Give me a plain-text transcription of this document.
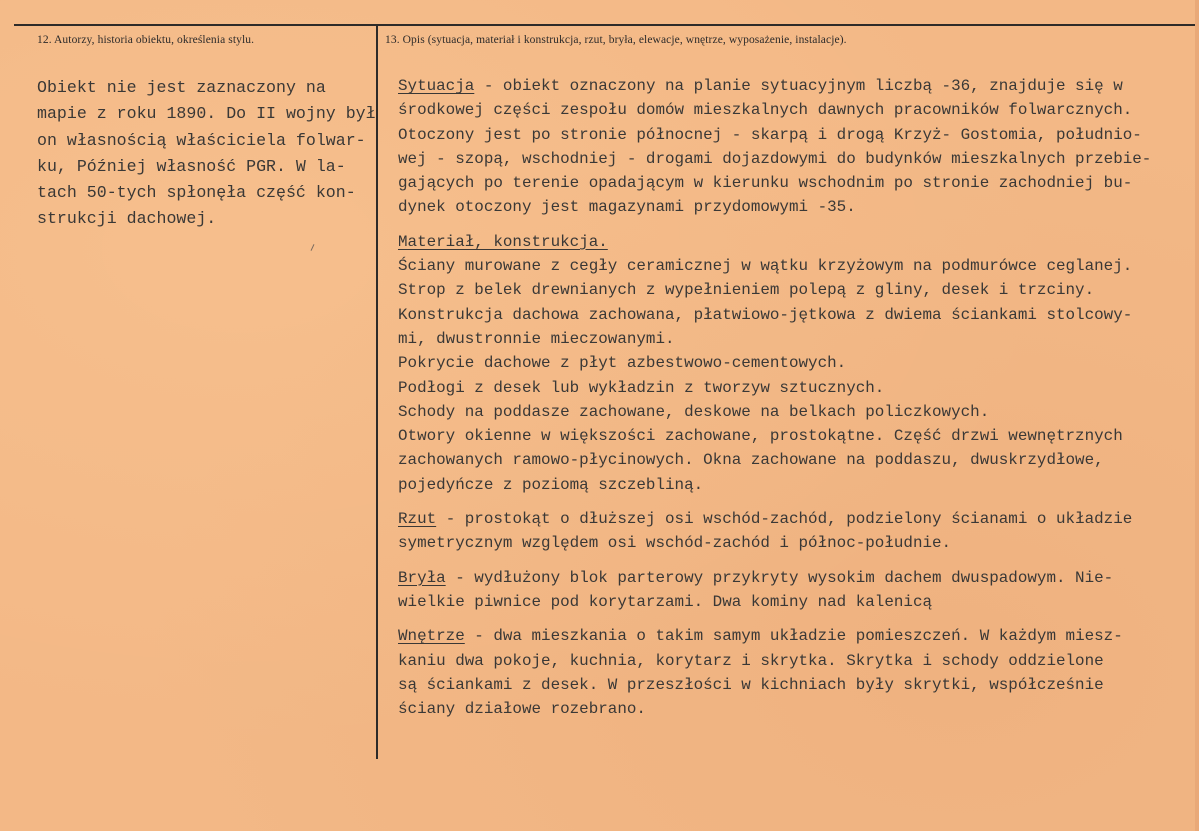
12. Autorzy, historia obiektu, określenia stylu.	13. Opis (sytuacja, materiał i konstrukcja, rzut, bryła, elewacje, wnętrze, wyposażenie, instalacje).
Obiekt nie jest zaznaczony na
mapie z roku 1890. Do II wojny był
on własnością właściciela folwar-
ku, Później własność PGR. W la-
tach 50-tych spłonęła część kon-
strukcji dachowej.
Sytuacja - obiekt oznaczony na planie sytuacyjnym liczbą -36, znajduje się w
środkowej części zespołu domów mieszkalnych dawnych pracowników folwarcznych.
Otoczony jest po stronie północnej - skarpą i drogą Krzyż- Gostomia, południo-
wej - szopą, wschodniej - drogami dojazdowymi do budynków mieszkalnych przebie-
gających po terenie opadającym w kierunku wschodnim po stronie zachodniej bu-
dynek otoczony jest magazynami przydomowymi -35.
Materiał, konstrukcja.
Ściany murowane z cegły ceramicznej w wątku krzyżowym na podmurówce ceglanej.
Strop z belek drewnianych z wypełnieniem polepą z gliny, desek i trzciny.
Konstrukcja dachowa zachowana, płatwiowo-jętkowa z dwiema ściankami stolcowy-
mi, dwustronnie mieczowanymi.
Pokrycie dachowe z płyt azbestwowo-cementowych.
Podłogi z desek lub wykładzin z tworzyw sztucznych.
Schody na poddasze zachowane, deskowe na belkach policzkowych.
Otwory okienne w większości zachowane, prostokątne. Część drzwi wewnętrznych
zachowanych ramowo-płycinowych. Okna zachowane na poddaszu, dwuskrzydłowe,
pojedyńcze z poziomą szczebliną.
Rzut - prostokąt o dłuższej osi wschód-zachód, podzielony ścianami o układzie
symetrycznym względem osi wschód-zachód i północ-południe.
Bryła - wydłużony blok parterowy przykryty wysokim dachem dwuspadowym. Nie-
wielkie piwnice pod korytarzami. Dwa kominy nad kalenicą
Wnętrze - dwa mieszkania o takim samym układzie pomieszczeń. W każdym miesz-
kaniu dwa pokoje, kuchnia, korytarz i skrytka. Skrytka i schody oddzielone
są ściankami z desek. W przeszłości w kichniach były skrytki, współcześnie
ściany działowe rozebrano.
